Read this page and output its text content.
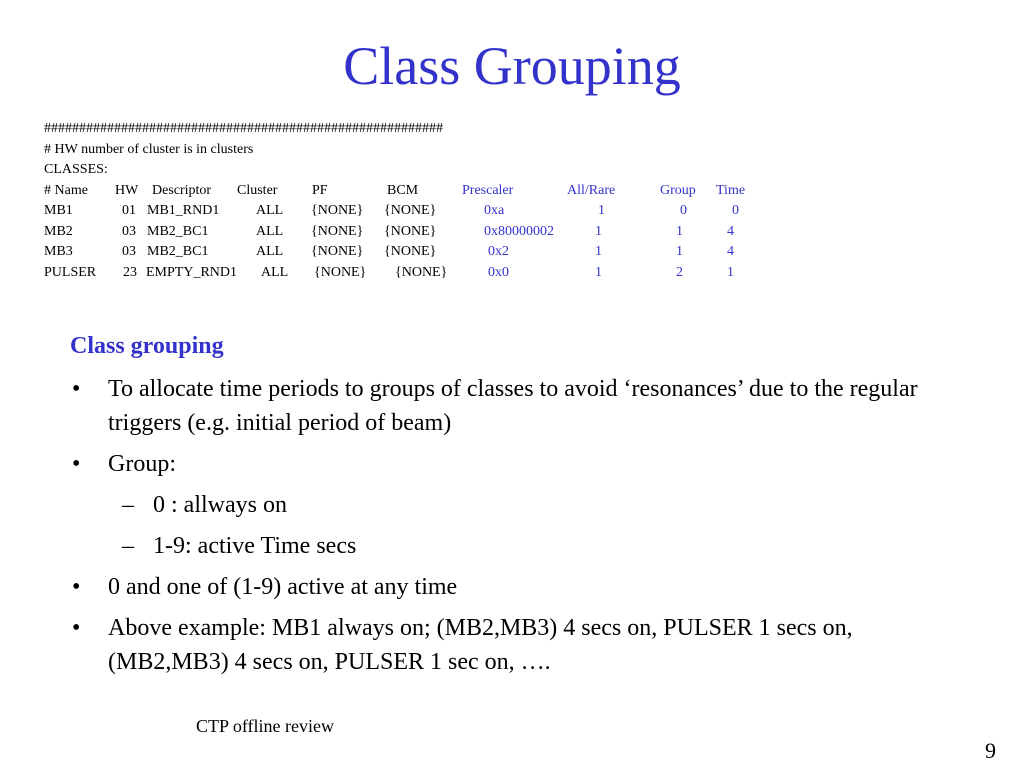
Class Grouping
#########################################################
# HW number of cluster is in clusters
CLASSES:
# Name HW Descriptor Cluster PF	BCM	Prescaler	All/Rare	Group Time
MB1	01 MB1_RND1	ALL {NONE} {NONE}	0xa	1	0	0
MB2	03 MB2_BC1	ALL {NONE} {NONE}	0x80000002	1	1	4
MB3	03 MB2_BC1	ALL {NONE} {NONE}	0x2	1	1	4
PULSER 23 EMPTY_RND1 ALL {NONE} {NONE}	0x0	1	2	1
Class grouping
• To allocate time periods to groups of classes to avoid ‘resonances’ due to the regular triggers (e.g. initial period of beam)
• Group:
– 0 : allways on
– 1-9: active Time secs
• 0 and one of (1-9) active at any time
• Above example: MB1 always on; (MB2,MB3) 4 secs on, PULSER 1 secs on, (MB2,MB3) 4 secs on, PULSER 1 sec on, ….
CTP offline review
9
